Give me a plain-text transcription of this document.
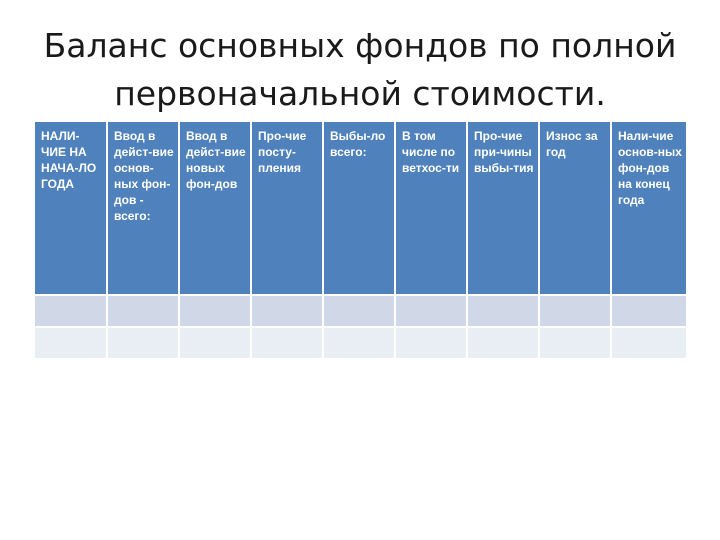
Баланс основных фондов по полной первоначальной стоимости.
НАЛИ-ЧИЕ НА НАЧА-ЛО ГОДА	Ввод в дейст-вие основ-ных фон-дов - всего:	Ввод в дейст-вие новых фон-дов	Про-чие посту-пления	Выбы-ло всего:	В том числе по ветхос-ти	Про-чие при-чины выбы-тия	Износ за год	Нали-чие основ-ных фон-дов на конец года
